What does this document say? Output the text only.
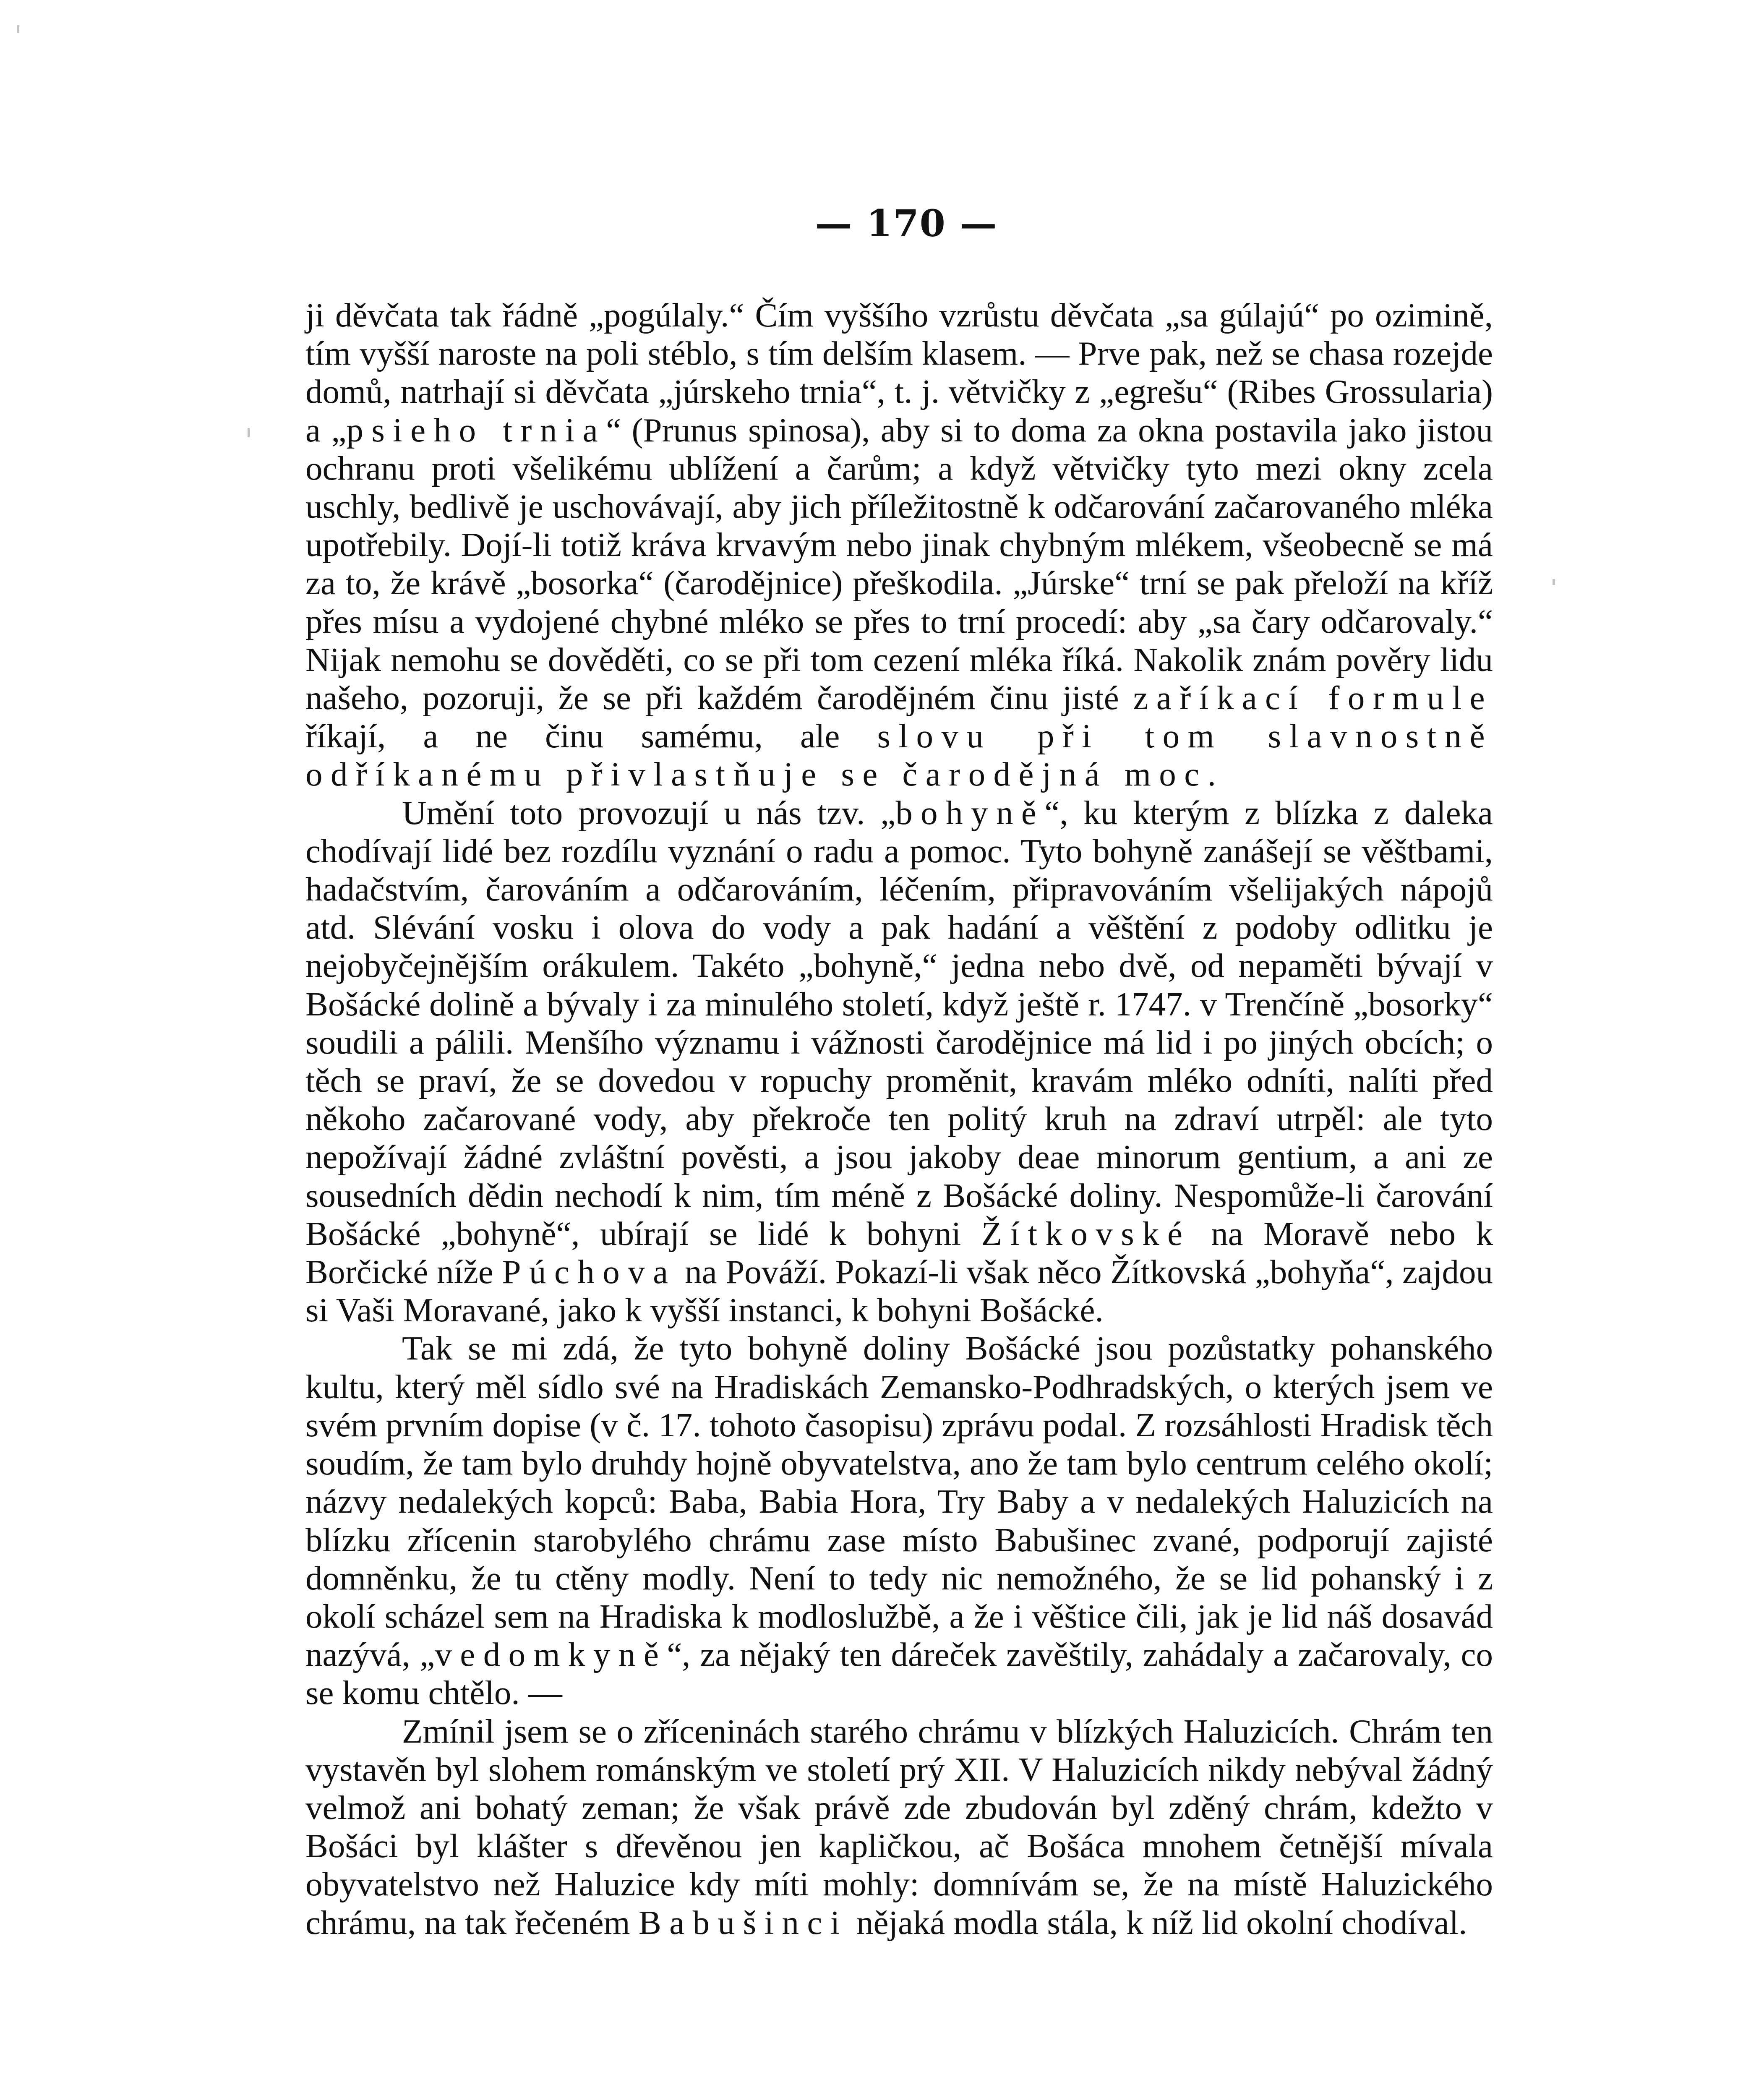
— 170 —

ji děvčata tak řádně „pogúlaly.“ Čím vyššího vzrůstu děvčata „sa gúlajú“ po ozimině, tím vyšší naroste na poli stéblo, s tím delším klasem. — Prve pak, než se chasa rozejde domů, natrhají si děvčata „júrskeho trnia“, t. j. větvičky z „egrešu“ (Ribes Grossularia) a „psieho trnia“ (Prunus spinosa), aby si to doma za okna postavila jako jistou ochranu proti všelikému ublížení a čarům; a když větvičky tyto mezi okny zcela uschly, bedlivě je uschovávají, aby jich příležitostně k odčarování začarovaného mléka upotřebily. Dojí-li totiž kráva krvavým nebo jinak chybným mlékem, všeobecně se má za to, že krávě „bosorka“ (čarodějnice) přeškodila. „Júrske“ trní se pak přeloží na kříž přes mísu a vydojené chybné mléko se přes to trní procedí: aby „sa čary odčarovaly.“ Nijak nemohu se dověděti, co se při tom cezení mléka říká. Nakolik znám pověry lidu našeho, pozoruji, že se při každém čarodějném činu jisté zaříkací formule říkají, a ne činu samému, ale slovu při tom slavnostně odříkanému přivlastňuje se čarodějná moc.

Umění toto provozují u nás tzv. „bohyně“, ku kterým z blízka z daleka chodívají lidé bez rozdílu vyznání o radu a pomoc. Tyto bohyně zanášejí se věštbami, hadačstvím, čarováním a odčarováním, léčením, připravováním všelijakých nápojů atd. Slévání vosku i olova do vody a pak hadání a věštění z podoby odlitku je nejobyčejnějším orákulem. Takéto „bohyně,“ jedna nebo dvě, od nepaměti bývají v Bošácké dolině a bývaly i za minulého století, když ještě r. 1747. v Trenčíně „bosorky“ soudili a pálili. Menšího významu i vážnosti čarodějnice má lid i po jiných obcích; o těch se praví, že se dovedou v ropuchy proměnit, kravám mléko odníti, nalíti před někoho začarované vody, aby překroče ten politý kruh na zdraví utrpěl: ale tyto nepožívají žádné zvláštní pověsti, a jsou jakoby deae minorum gentium, a ani ze sousedních dědin nechodí k nim, tím méně z Bošácké doliny. Nespomůže-li čarování Bošácké „bohyně“, ubírají se lidé k bohyni Žítkovské na Moravě nebo k Borčické níže Púchova na Pováží. Pokazí-li však něco Žítkovská „bohyňa“, zajdou si Vaši Moravané, jako k vyšší instanci, k bohyni Bošácké.

Tak se mi zdá, že tyto bohyně doliny Bošácké jsou pozůstatky pohanského kultu, který měl sídlo své na Hradiskách Zemansko-Podhradských, o kterých jsem ve svém prvním dopise (v č. 17. tohoto časopisu) zprávu podal. Z rozsáhlosti Hradisk těch soudím, že tam bylo druhdy hojně obyvatelstva, ano že tam bylo centrum celého okolí; názvy nedalekých kopců: Baba, Babia Hora, Try Baby a v nedalekých Haluzicích na blízku zřícenin starobylého chrámu zase místo Babušinec zvané, podporují zajisté domněnku, že tu ctěny modly. Není to tedy nic nemožného, že se lid pohanský i z okolí scházel sem na Hradiska k modloslužbě, a že i věštice čili, jak je lid náš dosavád nazývá, „vedomkyně“, za nějaký ten dáreček zavěštily, zahádaly a začarovaly, co se komu chtělo. —

Zmínil jsem se o zříceninách starého chrámu v blízkých Haluzicích. Chrám ten vystavěn byl slohem románským ve století prý XII. V Haluzicích nikdy nebýval žádný velmož ani bohatý zeman; že však právě zde zbudován byl zděný chrám, kdežto v Bošáci byl klášter s dřevěnou jen kapličkou, ač Bošáca mnohem četnější mívala obyvatelstvo než Haluzice kdy míti mohly: domnívám se, že na místě Haluzického chrámu, na tak řečeném Babušinci nějaká modla stála, k níž lid okolní chodíval.
